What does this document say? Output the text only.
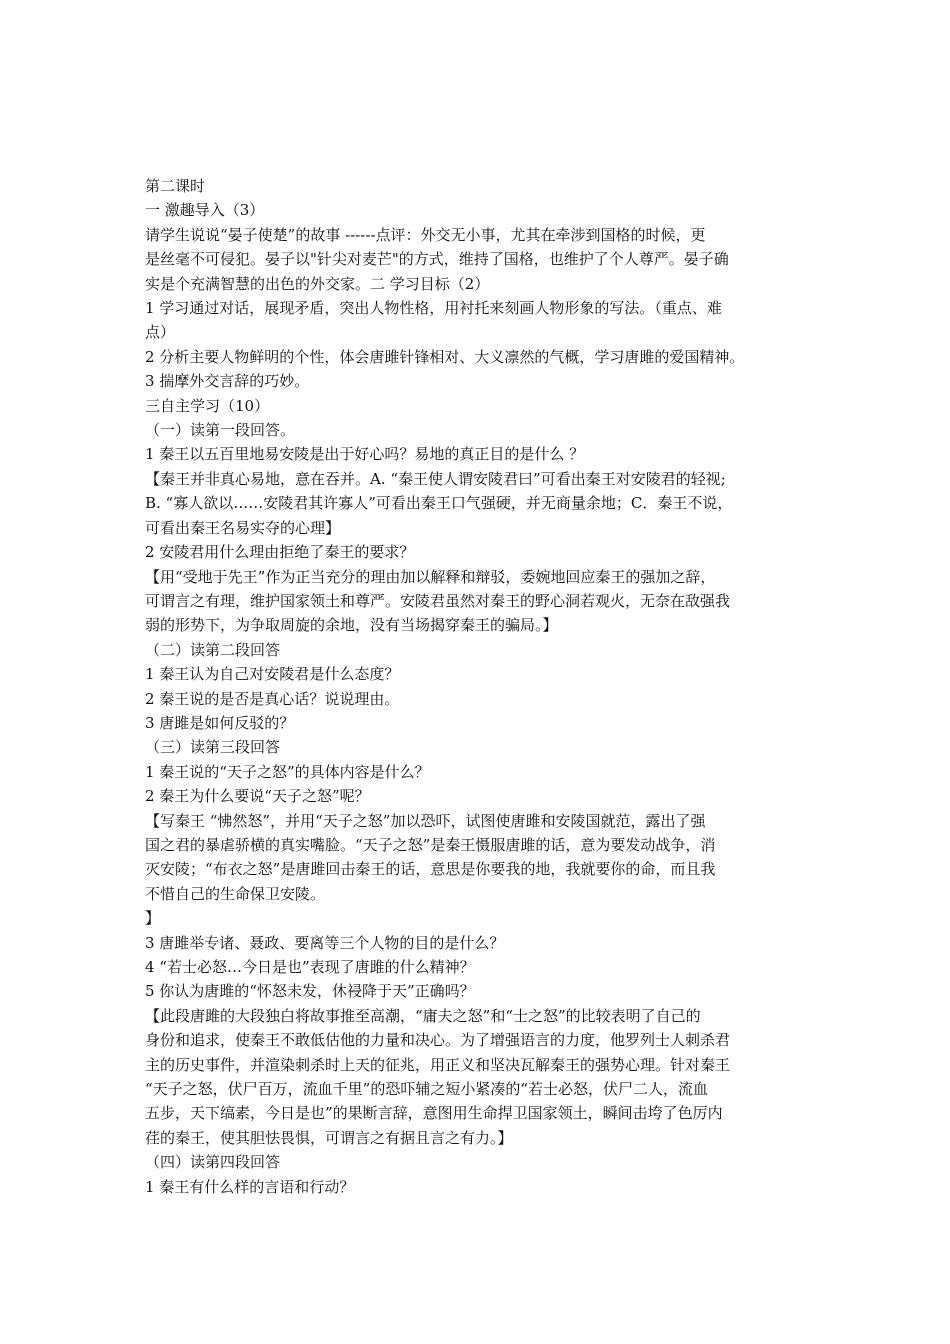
第二课时

一 激趣导入（3）

请学生说说“晏子使楚”的故事 ------点评：外交无小事，尤其在牵涉到国格的时候，更

是丝毫不可侵犯。晏子以"针尖对麦芒"的方式，维持了国格，也维护了个人尊严。晏子确

实是个充满智慧的出色的外交家。二 学习目标（2）

1 学习通过对话，展现矛盾，突出人物性格，用衬托来刻画人物形象的写法。（重点、难

点）

2 分析主要人物鲜明的个性，体会唐雎针锋相对、大义凛然的气概，学习唐雎的爱国精神。

3 揣摩外交言辞的巧妙。

三自主学习（10）

（一）读第一段回答。

1 秦王以五百里地易安陵是出于好心吗？易地的真正目的是什么 ？

【秦王并非真心易地，意在吞并。A. “秦王使人谓安陵君曰”可看出秦王对安陵君的轻视;

B. “寡人欲以……安陵君其许寡人”可看出秦王口气强硬，并无商量余地；C．秦王不说，

可看出秦王名易实夺的心理】

2 安陵君用什么理由拒绝了秦王的要求？

【用“受地于先王”作为正当充分的理由加以解释和辩驳，委婉地回应秦王的强加之辞，

可谓言之有理，维护国家领土和尊严。安陵君虽然对秦王的野心洞若观火，无奈在敌强我

弱的形势下，为争取周旋的余地，没有当场揭穿秦王的骗局。】

（二）读第二段回答

1 秦王认为自己对安陵君是什么态度？

2 秦王说的是否是真心话？说说理由。

3 唐雎是如何反驳的？

（三）读第三段回答

1 秦王说的“天子之怒”的具体内容是什么？

2 秦王为什么要说“天子之怒”呢？

【写秦王 “怫然怒”，并用“天子之怒”加以恐吓，试图使唐雎和安陵国就范，露出了强

国之君的暴虐骄横的真实嘴脸。“天子之怒”是秦王慑服唐雎的话，意为要发动战争，消

灭安陵；“布衣之怒”是唐雎回击秦王的话，意思是你要我的地，我就要你的命，而且我

不惜自己的生命保卫安陵。

】

3 唐雎举专诸、聂政、要离等三个人物的目的是什么？

4 “若士必怒…今日是也”表现了唐雎的什么精神？

5 你认为唐雎的“怀怒未发，休祲降于天”正确吗？

【此段唐雎的大段独白将故事推至高潮，“庸夫之怒”和“士之怒”的比较表明了自己的

身份和追求，使秦王不敢低估他的力量和决心。为了增强语言的力度，他罗列士人刺杀君

主的历史事件，并渲染刺杀时上天的征兆，用正义和坚决瓦解秦王的强势心理。针对秦王

“天子之怒，伏尸百万，流血千里”的恐吓辅之短小紧凑的“若士必怒，伏尸二人，流血

五步，天下缟素，今日是也”的果断言辞，意图用生命捍卫国家领土，瞬间击垮了色厉内

荏的秦王，使其胆怯畏惧，可谓言之有据且言之有力。】

（四）读第四段回答

1 秦王有什么样的言语和行动？
